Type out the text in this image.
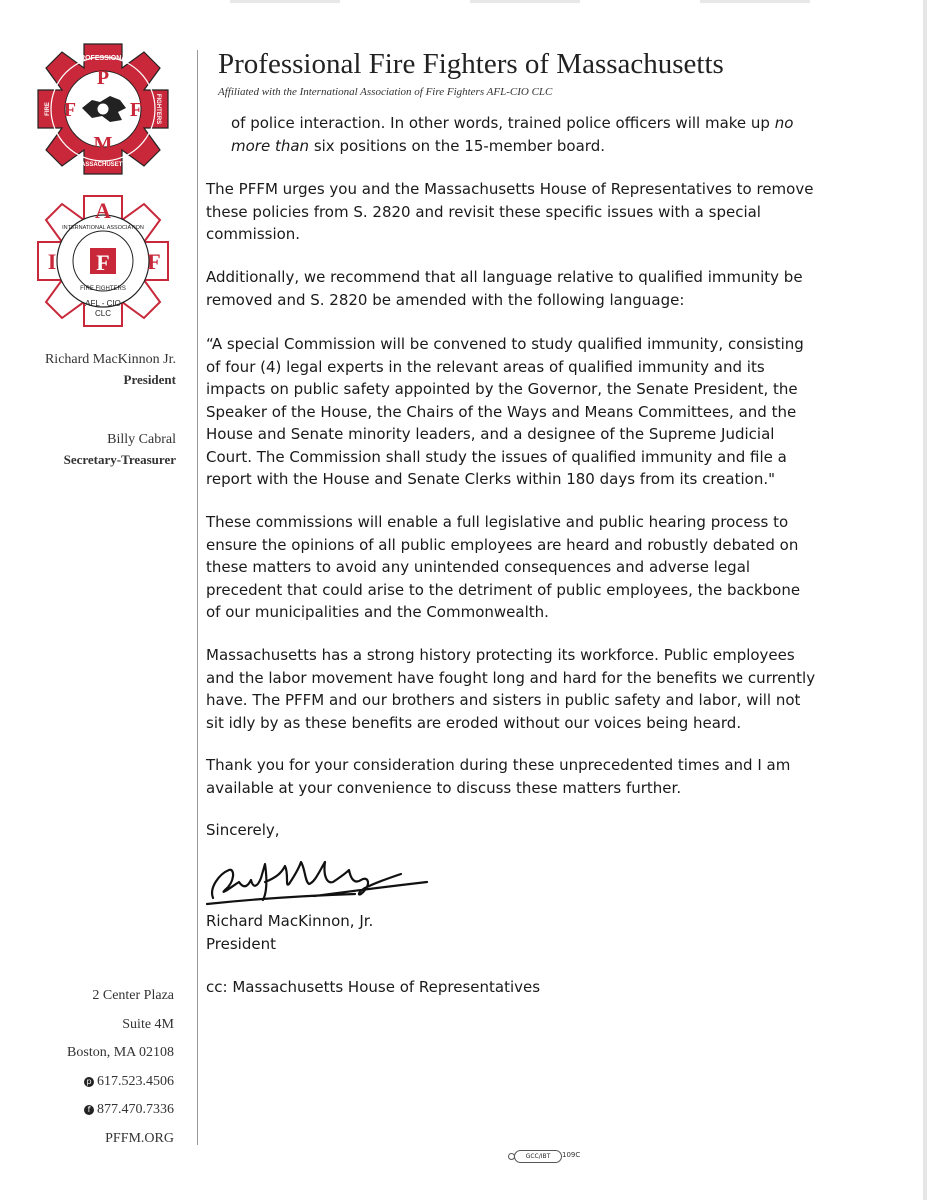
P
M
F	F
PROFESSIONAL
MASSACHUSETTS
FIRE	FIGHTERS
F
A
I	F
INTERNATIONAL ASSOCIATION
FIRE FIGHTERS
AFL - CIO
CLC
Richard MacKinnon Jr.
President
Billy Cabral
Secretary-Treasurer
2 Center Plaza
Suite 4M
Boston, MA 02108
p 617.523.4506
f 877.470.7336
PFFM.ORG
Professional Fire Fighters of Massachusetts
Affiliated with the International Association of Fire Fighters AFL-CIO CLC

of police interaction. In other words, trained police officers will make up no more than six positions on the 15-member board.

The PFFM urges you and the Massachusetts House of Representatives to remove these policies from S. 2820 and revisit these specific issues with a special commission.

Additionally, we recommend that all language relative to qualified immunity be removed and S. 2820 be amended with the following language:

“A special Commission will be convened to study qualified immunity, consisting of four (4) legal experts in the relevant areas of qualified immunity and its impacts on public safety appointed by the Governor, the Senate President, the Speaker of the House, the Chairs of the Ways and Means Committees, and the House and Senate minority leaders, and a designee of the Supreme Judicial Court. The Commission shall study the issues of qualified immunity and file a report with the House and Senate Clerks within 180 days from its creation."

These commissions will enable a full legislative and public hearing process to ensure the opinions of all public employees are heard and robustly debated on these matters to avoid any unintended consequences and adverse legal precedent that could arise to the detriment of public employees, the backbone of our municipalities and the Commonwealth.

Massachusetts has a strong history protecting its workforce. Public employees and the labor movement have fought long and hard for the benefits we currently have. The PFFM and our brothers and sisters in public safety and labor, will not sit idly by as these benefits are eroded without our voices being heard.

Thank you for your consideration during these unprecedented times and I am available at your convenience to discuss these matters further.

Sincerely,
Richard MacKinnon, Jr.
President
cc: Massachusetts House of Representatives
GCC/IBT	109C
